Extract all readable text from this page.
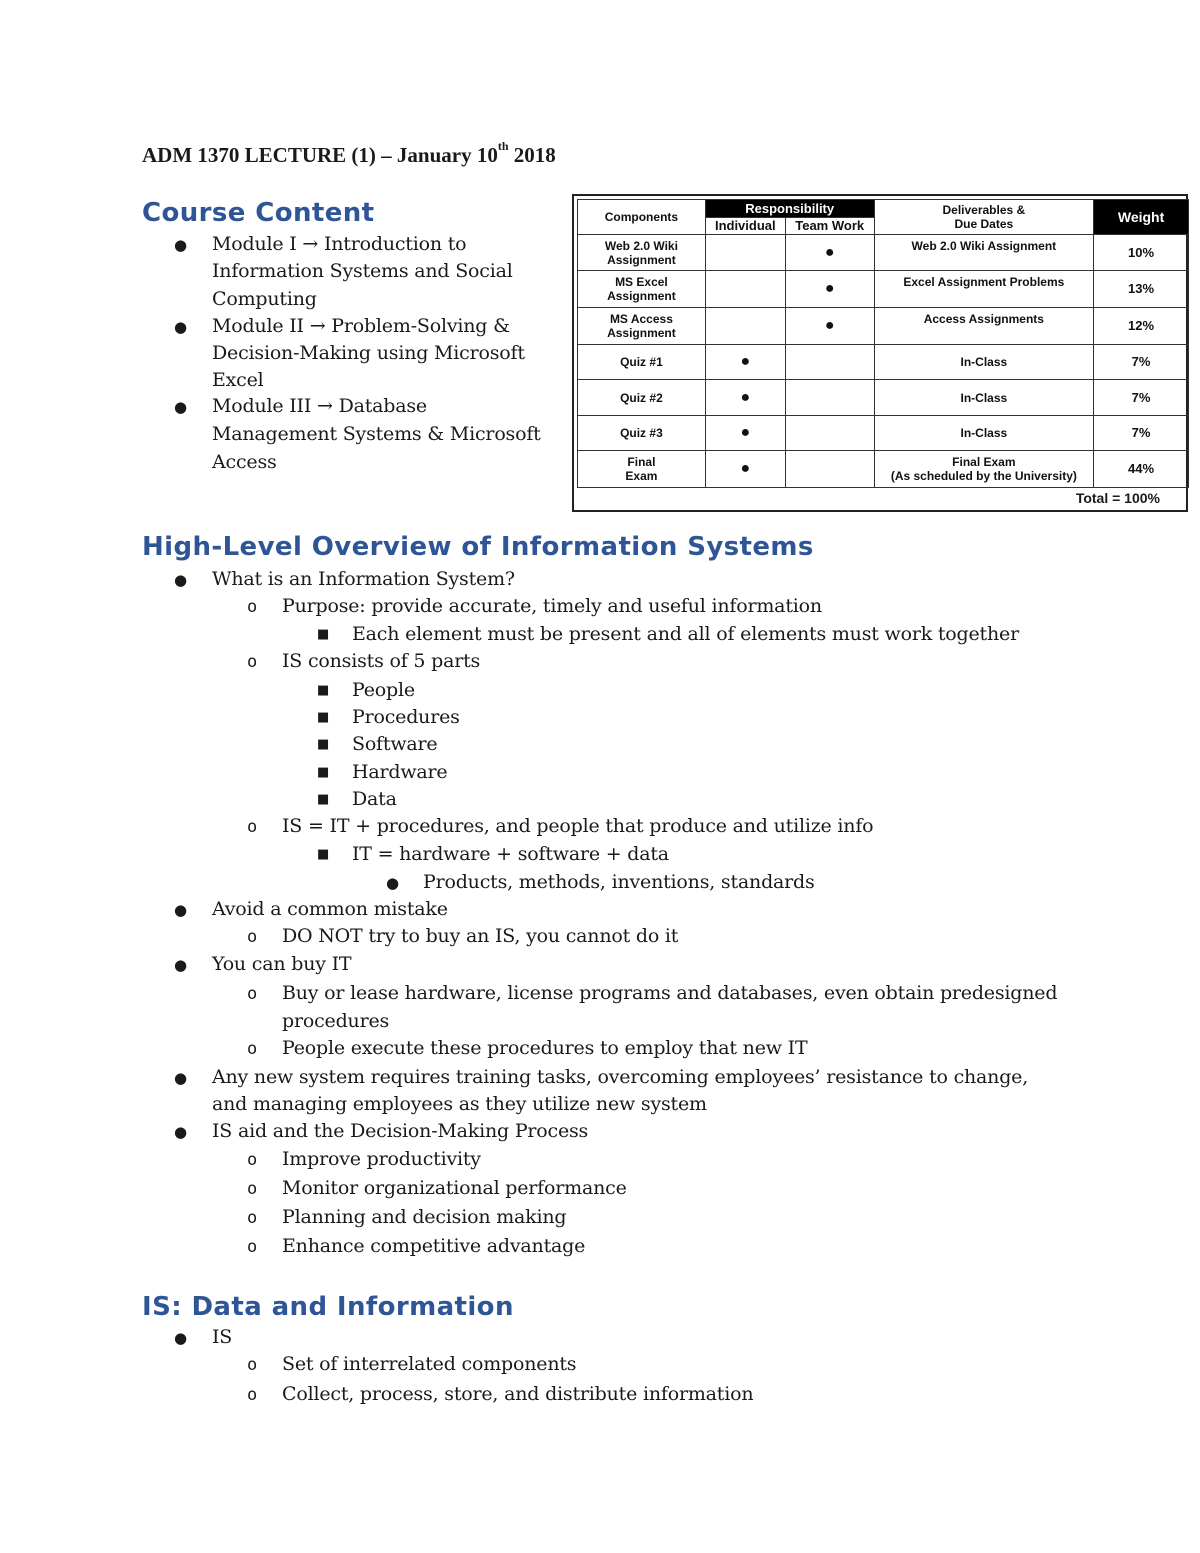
ADM 1370 LECTURE (1) – January 10th 2018
Course Content
● Module I → Introduction to
Information Systems and Social
Computing
● Module II → Problem-Solving &
Decision-Making using Microsoft
Excel
● Module III → Database
Management Systems & Microsoft
Access
Components	Responsibility		Deliverables &
Due Dates	Weight
	Individual	Team Work		
Web 2.0 Wiki
Assignment		●	Web 2.0 Wiki Assignment	10%
MS Excel
Assignment		●	Excel Assignment Problems	13%
MS Access
Assignment		●	Access Assignments	12%
Quiz #1	●		In-Class	7%
Quiz #2	●		In-Class	7%
Quiz #3	●		In-Class	7%
Final
Exam	●		Final Exam
(As scheduled by the University)	44%
Total = 100%
High-Level Overview of Information Systems
● What is an Information System?
o Purpose: provide accurate, timely and useful information
■ Each element must be present and all of elements must work together
o IS consists of 5 parts
■ People
■ Procedures
■ Software
■ Hardware
■ Data
o IS = IT + procedures, and people that produce and utilize info
■ IT = hardware + software + data
● Products, methods, inventions, standards
● Avoid a common mistake
o DO NOT try to buy an IS, you cannot do it
● You can buy IT
o Buy or lease hardware, license programs and databases, even obtain predesigned
procedures
o People execute these procedures to employ that new IT
● Any new system requires training tasks, overcoming employees’ resistance to change,
and managing employees as they utilize new system
● IS aid and the Decision-Making Process
o Improve productivity
o Monitor organizational performance
o Planning and decision making
o Enhance competitive advantage
IS: Data and Information
● IS
o Set of interrelated components
o Collect, process, store, and distribute information
